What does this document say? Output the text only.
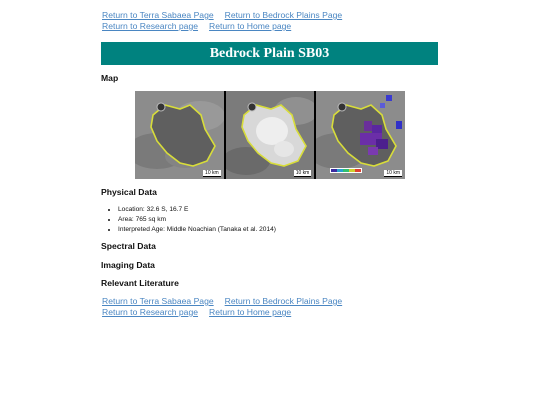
Return to Terra Sabaea Page Return to Bedrock Plains Page
Return to Research page Return to Home page
Bedrock Plain SB03
Map
10 km	10 km	10 km
Physical Data
• Location: 32.6 S, 16.7 E
• Area: 765 sq km
• Interpreted Age: Middle Noachian (Tanaka et al. 2014)
Spectral Data
Imaging Data
Relevant Literature
Return to Terra Sabaea Page Return to Bedrock Plains Page
Return to Research page Return to Home page
